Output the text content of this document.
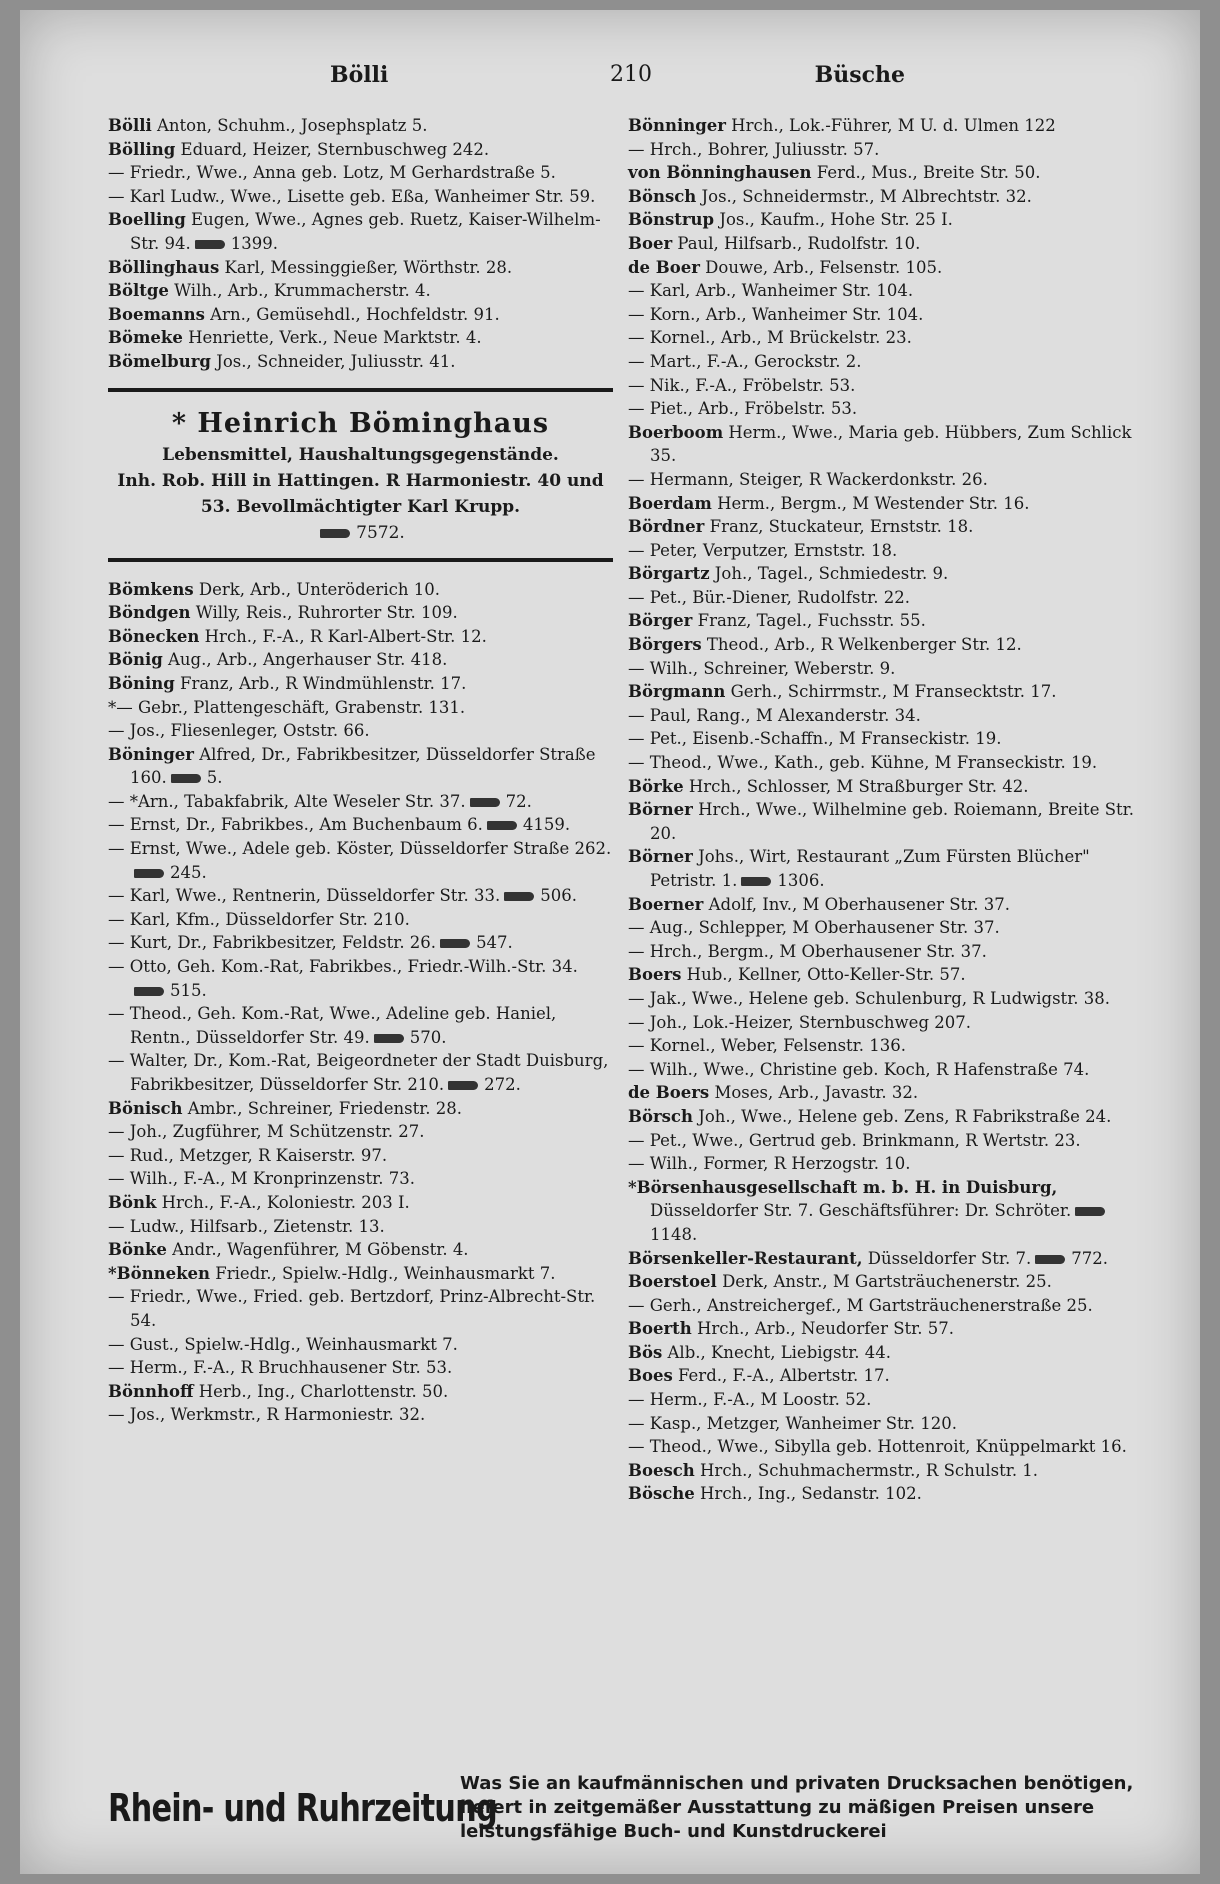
Bölli	210	Büsche
Bölli Anton, Schuhm., Josephsplatz 5.
Bölling Eduard, Heizer, Sternbuschweg 242.
— Friedr., Wwe., Anna geb. Lotz, M Gerhardstraße 5.
— Karl Ludw., Wwe., Lisette geb. Eßa, Wanheimer Str. 59.
Boelling Eugen, Wwe., Agnes geb. Ruetz, Kaiser-Wilhelm-Str. 94. 1399.
Böllinghaus Karl, Messinggießer, Wörthstr. 28.
Böltge Wilh., Arb., Krummacherstr. 4.
Boemanns Arn., Gemüsehdl., Hochfeldstr. 91.
Bömeke Henriette, Verk., Neue Marktstr. 4.
Bömelburg Jos., Schneider, Juliusstr. 41.
* Heinrich Böminghaus
Lebensmittel, Haushaltungsgegenstände.
Inh. Rob. Hill in Hattingen. R Harmoniestr. 40 und 53. Bevollmächtigter Karl Krupp.
7572.
Bömkens Derk, Arb., Unteröderich 10.
Böndgen Willy, Reis., Ruhrorter Str. 109.
Bönecken Hrch., F.-A., R Karl-Albert-Str. 12.
Bönig Aug., Arb., Angerhauser Str. 418.
Böning Franz, Arb., R Windmühlenstr. 17.
*— Gebr., Plattengeschäft, Grabenstr. 131.
— Jos., Fliesenleger, Oststr. 66.
Böninger Alfred, Dr., Fabrikbesitzer, Düsseldorfer Straße 160. 5.
— *Arn., Tabakfabrik, Alte Weseler Str. 37. 72.
— Ernst, Dr., Fabrikbes., Am Buchenbaum 6. 4159.
— Ernst, Wwe., Adele geb. Köster, Düsseldorfer Straße 262.245.
— Karl, Wwe., Rentnerin, Düsseldorfer Str. 33. 506.
— Karl, Kfm., Düsseldorfer Str. 210.
— Kurt, Dr., Fabrikbesitzer, Feldstr. 26. 547.
— Otto, Geh. Kom.-Rat, Fabrikbes., Friedr.-Wilh.-Str. 34.515.
— Theod., Geh. Kom.-Rat, Wwe., Adeline geb. Haniel, Rentn., Düsseldorfer Str. 49. 570.
— Walter, Dr., Kom.-Rat, Beigeordneter der Stadt Duisburg, Fabrikbesitzer, Düsseldorfer Str. 210. 272.
Bönisch Ambr., Schreiner, Friedenstr. 28.
— Joh., Zugführer, M Schützenstr. 27.
— Rud., Metzger, R Kaiserstr. 97.
— Wilh., F.-A., M Kronprinzenstr. 73.
Bönk Hrch., F.-A., Koloniestr. 203 I.
— Ludw., Hilfsarb., Zietenstr. 13.
Bönke Andr., Wagenführer, M Göbenstr. 4.
*Bönneken Friedr., Spielw.-Hdlg., Weinhausmarkt 7.
— Friedr., Wwe., Fried. geb. Bertzdorf, Prinz-Albrecht-Str. 54.
— Gust., Spielw.-Hdlg., Weinhausmarkt 7.
— Herm., F.-A., R Bruchhausener Str. 53.
Bönnhoff Herb., Ing., Charlottenstr. 50.
— Jos., Werkmstr., R Harmoniestr. 32.
Bönninger Hrch., Lok.-Führer, M U. d. Ulmen 122
— Hrch., Bohrer, Juliusstr. 57.
von Bönninghausen Ferd., Mus., Breite Str. 50.
Bönsch Jos., Schneidermstr., M Albrechtstr. 32.
Bönstrup Jos., Kaufm., Hohe Str. 25 I.
Boer Paul, Hilfsarb., Rudolfstr. 10.
de Boer Douwe, Arb., Felsenstr. 105.
— Karl, Arb., Wanheimer Str. 104.
— Korn., Arb., Wanheimer Str. 104.
— Kornel., Arb., M Brückelstr. 23.
— Mart., F.-A., Gerockstr. 2.
— Nik., F.-A., Fröbelstr. 53.
— Piet., Arb., Fröbelstr. 53.
Boerboom Herm., Wwe., Maria geb. Hübbers, Zum Schlick 35.
— Hermann, Steiger, R Wackerdonkstr. 26.
Boerdam Herm., Bergm., M Westender Str. 16.
Bördner Franz, Stuckateur, Ernststr. 18.
— Peter, Verputzer, Ernststr. 18.
Börgartz Joh., Tagel., Schmiedestr. 9.
— Pet., Bür.-Diener, Rudolfstr. 22.
Börger Franz, Tagel., Fuchsstr. 55.
Börgers Theod., Arb., R Welkenberger Str. 12.
— Wilh., Schreiner, Weberstr. 9.
Börgmann Gerh., Schirrmstr., M Fransecktstr. 17.
— Paul, Rang., M Alexanderstr. 34.
— Pet., Eisenb.-Schaffn., M Franseckistr. 19.
— Theod., Wwe., Kath., geb. Kühne, M Franseckistr. 19.
Börke Hrch., Schlosser, M Straßburger Str. 42.
Börner Hrch., Wwe., Wilhelmine geb. Roiemann, Breite Str. 20.
Börner Johs., Wirt, Restaurant „Zum Fürsten Blücher" Petristr. 1. 1306.
Boerner Adolf, Inv., M Oberhausener Str. 37.
— Aug., Schlepper, M Oberhausener Str. 37.
— Hrch., Bergm., M Oberhausener Str. 37.
Boers Hub., Kellner, Otto-Keller-Str. 57.
— Jak., Wwe., Helene geb. Schulenburg, R Ludwigstr. 38.
— Joh., Lok.-Heizer, Sternbuschweg 207.
— Kornel., Weber, Felsenstr. 136.
— Wilh., Wwe., Christine geb. Koch, R Hafenstraße 74.
de Boers Moses, Arb., Javastr. 32.
Börsch Joh., Wwe., Helene geb. Zens, R Fabrikstraße 24.
— Pet., Wwe., Gertrud geb. Brinkmann, R Wertstr. 23.
— Wilh., Former, R Herzogstr. 10.
*Börsenhausgesellschaft m. b. H. in Duisburg, Düsseldorfer Str. 7. Geschäftsführer: Dr. Schröter.1148.
Börsenkeller-Restaurant, Düsseldorfer Str. 7. 772.
Boerstoel Derk, Anstr., M Gartsträuchenerstr. 25.
— Gerh., Anstreichergef., M Gartsträuchenerstraße 25.
Boerth Hrch., Arb., Neudorfer Str. 57.
Bös Alb., Knecht, Liebigstr. 44.
Boes Ferd., F.-A., Albertstr. 17.
— Herm., F.-A., M Loostr. 52.
— Kasp., Metzger, Wanheimer Str. 120.
— Theod., Wwe., Sibylla geb. Hottenroit, Knüppelmarkt 16.
Boesch Hrch., Schuhmachermstr., R Schulstr. 1.
Bösche Hrch., Ing., Sedanstr. 102.
Rhein- und Ruhrzeitung
Was Sie an kaufmännischen und privaten Drucksachen benötigen, liefert in zeitgemäßer Ausstattung zu mäßigen Preisen unsere leistungsfähige Buch- und Kunstdruckerei
